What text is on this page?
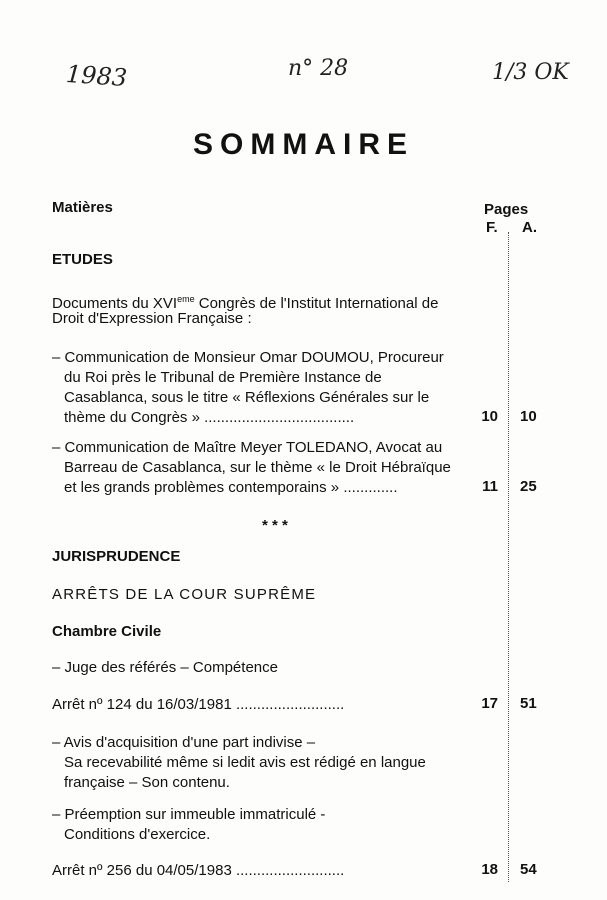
1983	n° 28	1/3 OK
SOMMAIRE
Matières	Pages
F. A.
ETUDES
Documents du XVIeme Congrès de l'Institut International de
Droit d'Expression Française :
– Communication de Monsieur Omar DOUMOU, Procureur
du Roi près le Tribunal de Première Instance de
Casablanca, sous le titre « Réflexions Générales sur le
thème du Congrès » ....................................	10 10
– Communication de Maître Meyer TOLEDANO, Avocat au
Barreau de Casablanca, sur le thème « le Droit Hébraïque
et les grands problèmes contemporains » .............	11 25
* * *
JURISPRUDENCE
ARRÊTS DE LA COUR SUPRÊME
Chambre Civile
– Juge des référés – Compétence
Arrêt nº 124 du 16/03/1981 ..........................	17 51
– Avis d'acquisition d'une part indivise –
Sa recevabilité même si ledit avis est rédigé en langue
française – Son contenu.
– Préemption sur immeuble immatriculé -
Conditions d'exercice.
Arrêt nº 256 du 04/05/1983 ..........................	18 54
